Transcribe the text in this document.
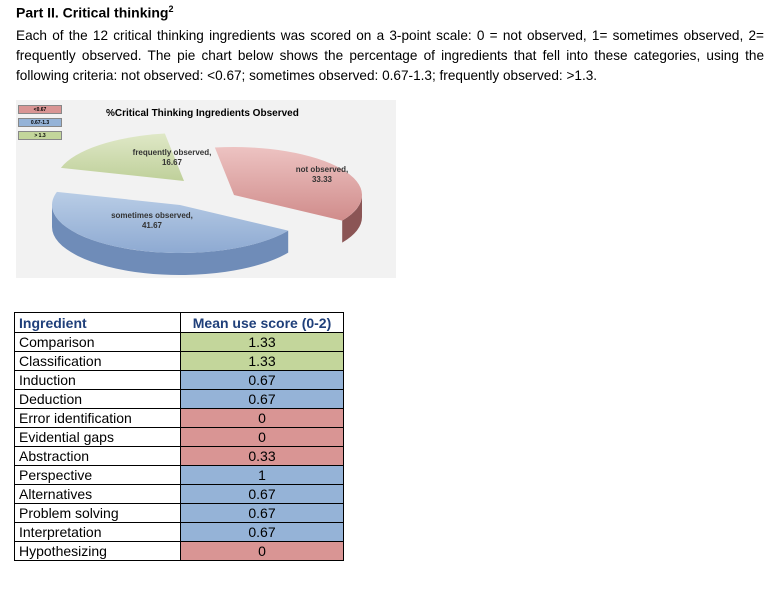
Part II. Critical thinking$^2$
Each of the 12 critical thinking ingredients was scored on a 3-point scale: 0 = not observed, 1= sometimes observed, 2= frequently observed. The pie chart below shows the percentage of ingredients that fell into these categories, using the following criteria: not observed: <0.67; sometimes observed: 0.67-1.3; frequently observed: >1.3.
<0.67
0.67-1.3
> 1.3
%Critical Thinking Ingredients Observed
not observed,
33.33
sometimes observed,
41.67
frequently observed,
16.67
Ingredient	Mean use score (0-2)
Comparison	1.33
Classification	1.33
Induction	0.67
Deduction	0.67
Error identification	0
Evidential gaps	0
Abstraction	0.33
Perspective	1
Alternatives	0.67
Problem solving	0.67
Interpretation	0.67
Hypothesizing	0
